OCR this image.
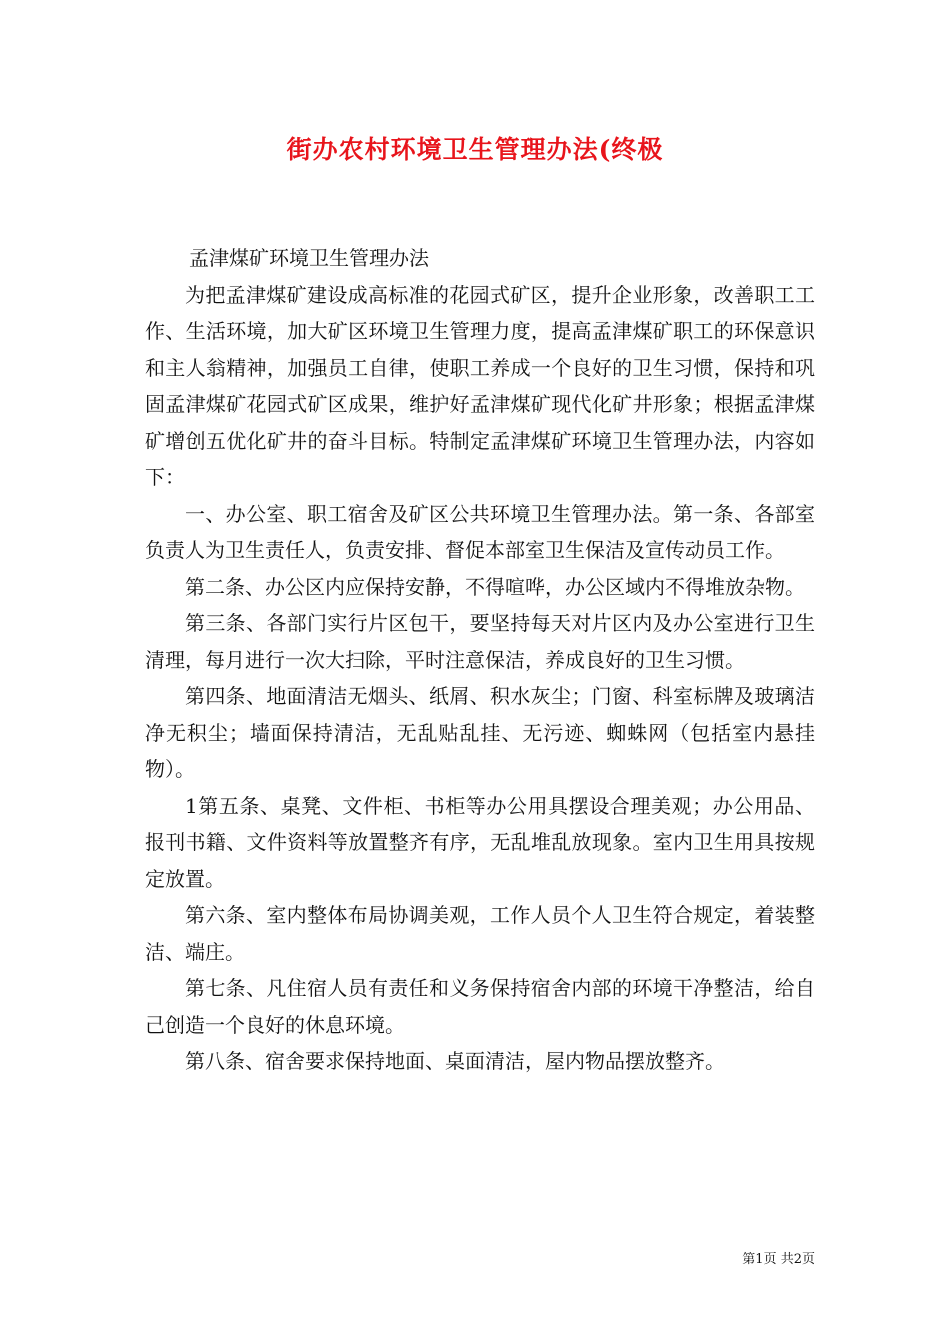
街办农村环境卫生管理办法(终极

孟津煤矿环境卫生管理办法

为把孟津煤矿建设成高标准的花园式矿区，提升企业形象，改善职工工作、生活环境，加大矿区环境卫生管理力度，提高孟津煤矿职工的环保意识和主人翁精神，加强员工自律，使职工养成一个良好的卫生习惯，保持和巩固孟津煤矿花园式矿区成果，维护好孟津煤矿现代化矿井形象；根据孟津煤矿增创五优化矿井的奋斗目标。特制定孟津煤矿环境卫生管理办法，内容如下：

一、办公室、职工宿舍及矿区公共环境卫生管理办法。第一条、各部室负责人为卫生责任人，负责安排、督促本部室卫生保洁及宣传动员工作。

第二条、办公区内应保持安静，不得喧哗，办公区域内不得堆放杂物。

第三条、各部门实行片区包干，要坚持每天对片区内及办公室进行卫生清理，每月进行一次大扫除，平时注意保洁，养成良好的卫生习惯。

第四条、地面清洁无烟头、纸屑、积水灰尘；门窗、科室标牌及玻璃洁净无积尘；墙面保持清洁，无乱贴乱挂、无污迹、蜘蛛网（包括室内悬挂物）。

1第五条、桌凳、文件柜、书柜等办公用具摆设合理美观；办公用品、报刊书籍、文件资料等放置整齐有序，无乱堆乱放现象。室内卫生用具按规定放置。

第六条、室内整体布局协调美观，工作人员个人卫生符合规定，着装整洁、端庄。

第七条、凡住宿人员有责任和义务保持宿舍内部的环境干净整洁，给自己创造一个良好的休息环境。

第八条、宿舍要求保持地面、桌面清洁，屋内物品摆放整齐。

第1页 共2页
